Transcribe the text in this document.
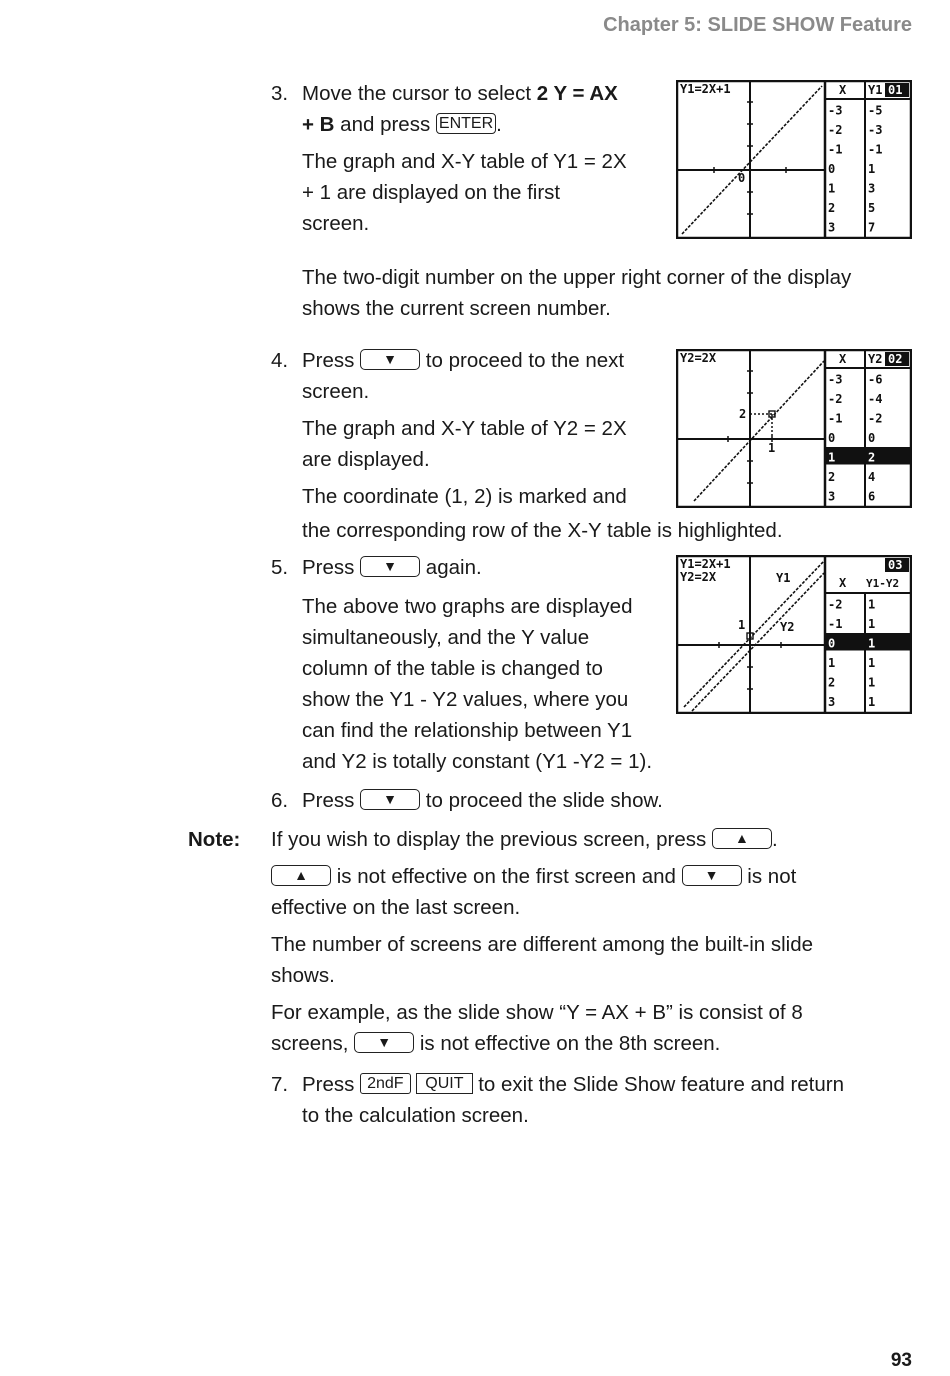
Chapter 5: SLIDE SHOW Feature
3. Move the cursor to select 2 Y = AX
+ B and press ENTER .
The graph and X-Y table of Y1 = 2X
+ 1 are displayed on the first
screen.
The two-digit number on the upper right corner of the display
shows the current screen number.
Y1=2X+1
0
X Y1 01
-3 -5
-2 -3
-1 -1
0	1
1	3
2	5
3	7
4. Press ▼ to proceed to the next
screen.
The graph and X-Y table of Y2 = 2X
are displayed.
The coordinate (1, 2) is marked and
the corresponding row of the X-Y table is highlighted.
Y2=2X
2
1
X Y2 02
-3 -6
-2 -4
-1 -2
0	0
1	2
2	4
3	6
5. Press ▼ again.
The above two graphs are displayed
simultaneously, and the Y value
column of the table is changed to
show the Y1 - Y2 values, where you
can find the relationship between Y1
and Y2 is totally constant (Y1 -Y2 = 1).
Y1=2X+1
Y2=2X	Y1
Y2
1
X Y1-Y2
03
-2 1
-1 1
0	1
1	1
2	1
3	1
6. Press ▼ to proceed the slide show.
Note: If you wish to display the previous screen, press ▲ .
▲ is not effective on the first screen and ▼ is not
effective on the last screen.
The number of screens are different among the built-in slide
shows.
For example, as the slide show “Y = AX + B” is consist of 8
screens, ▼ is not effective on the 8th screen.
7. Press 2ndF QUIT to exit the Slide Show feature and return
to the calculation screen.
93
